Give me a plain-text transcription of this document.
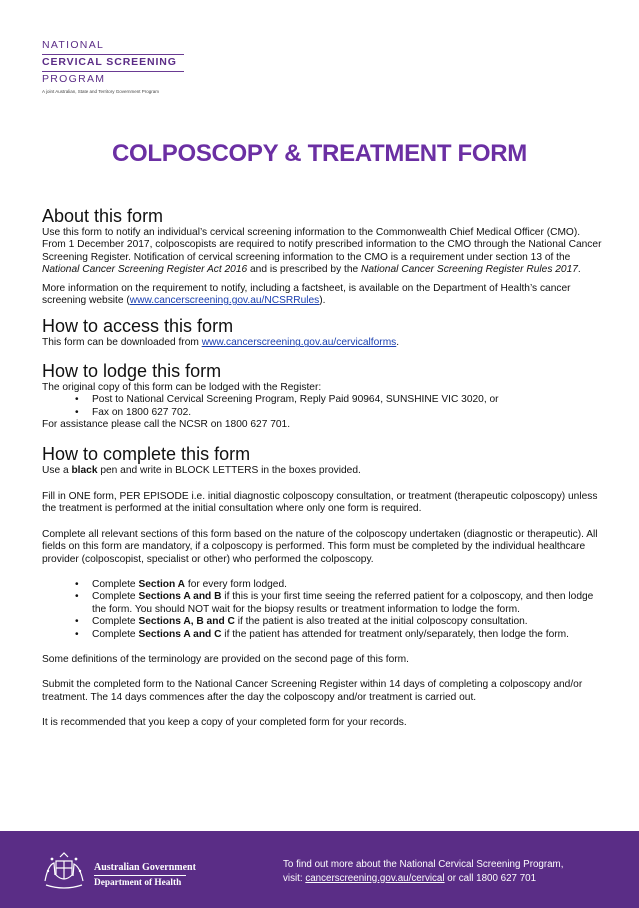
NATIONAL
CERVICAL SCREENING
PROGRAM
A joint Australian, State and Territory Government Program
COLPOSCOPY & TREATMENT FORM
About this form

Use this form to notify an individual’s cervical screening information to the Commonwealth Chief Medical Officer (CMO). From 1 December 2017, colposcopists are required to notify prescribed information to the CMO through the National Cancer Screening Register. Notification of cervical screening information to the CMO is a requirement under section 13 of the National Cancer Screening Register Act 2016 and is prescribed by the National Cancer Screening Register Rules 2017.

More information on the requirement to notify, including a factsheet, is available on the Department of Health’s cancer screening website (www.cancerscreening.gov.au/NCSRRules).

How to access this form

This form can be downloaded from www.cancerscreening.gov.au/cervicalforms.

How to lodge this form

The original copy of this form can be lodged with the Register:

• Post to National Cervical Screening Program, Reply Paid 90964, SUNSHINE VIC 3020, or
• Fax on 1800 627 702.

For assistance please call the NCSR on 1800 627 701.

How to complete this form

Use a black pen and write in BLOCK LETTERS in the boxes provided.

Fill in ONE form, PER EPISODE i.e. initial diagnostic colposcopy consultation, or treatment (therapeutic colposcopy) unless the treatment is performed at the initial consultation where only one form is required.

Complete all relevant sections of this form based on the nature of the colposcopy undertaken (diagnostic or therapeutic). All fields on this form are mandatory, if a colposcopy is performed. This form must be completed by the individual healthcare provider (colposcopist, specialist or other) who performed the colposcopy.

• Complete Section A for every form lodged.
• Complete Sections A and B if this is your first time seeing the referred patient for a colposcopy, and then lodge the form. You should NOT wait for the biopsy results or treatment information to lodge the form.
• Complete Sections A, B and C if the patient is also treated at the initial colposcopy consultation.
• Complete Sections A and C if the patient has attended for treatment only/separately, then lodge the form.

Some definitions of the terminology are provided on the second page of this form.

Submit the completed form to the National Cancer Screening Register within 14 days of completing a colposcopy and/or treatment. The 14 days commences after the day the colposcopy and/or treatment is carried out.

It is recommended that you keep a copy of your completed form for your records.

Australian Government
Department of Health
To find out more about the National Cervical Screening Program,
visit: cancerscreening.gov.au/cervical or call 1800 627 701
